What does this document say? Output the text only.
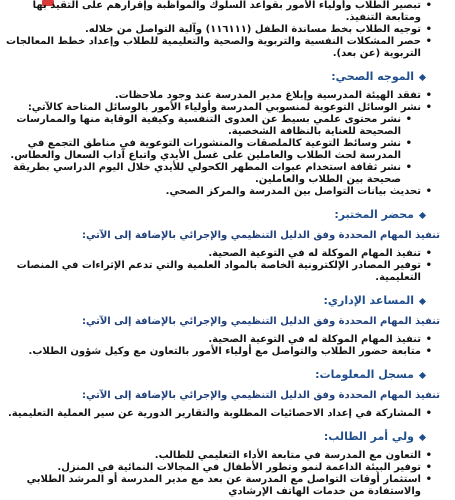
• تبصير الطلاب وأولياء الأمور بقواعد السلوك والمواظبة وإقرارهم على التقيد بها ومتابعة التنفيذ.
• توجيه الطلاب بخط مساندة الطفل (١١٦١١١) وآلية التواصل من خلاله.
• حصر المشكلات النفسية والتربوية والصحية والتعليمية للطلاب وإعداد خطط المعالجات التربوية (عن بعد).
الموجه الصحي:
• تفقد الهيئة المدرسية وإبلاغ مدير المدرسة عند وجود ملاحظات.
• نشر الوسائل التوعوية لمنسوبي المدرسة وأولياء الأمور بالوسائل المتاحة كالآتي:
• نشر محتوى علمي بسيط عن العدوى التنفسية وكيفية الوقاية منها والممارسات الصحيحة للعناية بالنظافة الشخصية.
• نشر وسائط التوعية كالملصقات والمنشورات التوعوية في مناطق التجمع في المدرسة لحث الطلاب والعاملين على غسل الأيدي واتباع آداب السعال والعطاس.
• نشر ثقافة استخدام عبوات المطهر الكحولي للأيدي خلال اليوم الدراسي بطريقة صحيحة بين الطلاب والعاملين.
• تحديث بيانات التواصل بين المدرسة والمركز الصحي.
محضر المختبر:
تنفيذ المهام المحددة وفق الدليل التنظيمي والإجرائي بالإضافة إلى الآتي:
• تنفيذ المهام الموكلة له في التوعية الصحية.
• توفير المصادر الإلكترونية الخاصة بالمواد العلمية والتي تدعم الإثراءات في المنصات التعليمية.
المساعد الإداري:
تنفيذ المهام المحددة وفق الدليل التنظيمي والإجرائي بالإضافة إلى الآتي:
• تنفيذ المهام الموكلة له في التوعية الصحية.
• متابعة حضور الطلاب والتواصل مع أولياء الأمور بالتعاون مع وكيل شؤون الطلاب.
مسجل المعلومات:
تنفيذ المهام المحددة وفق الدليل التنظيمي والإجرائي بالإضافة إلى الآتي:
• المشاركة في إعداد الاحصائيات المطلوبة والتقارير الدورية عن سير العملية التعليمية.
ولي أمر الطالب:
• التعاون مع المدرسة في متابعة الأداء التعليمي للطالب.
• توفير البيئة الداعمة لنمو وتطور الأطفال في المجالات النمائية في المنزل.
• استثمار أوقات التواصل مع المدرسة عن بعد مع مدير المدرسة أو المرشد الطلابي والاستفادة من خدمات الهاتف الإرشادي
